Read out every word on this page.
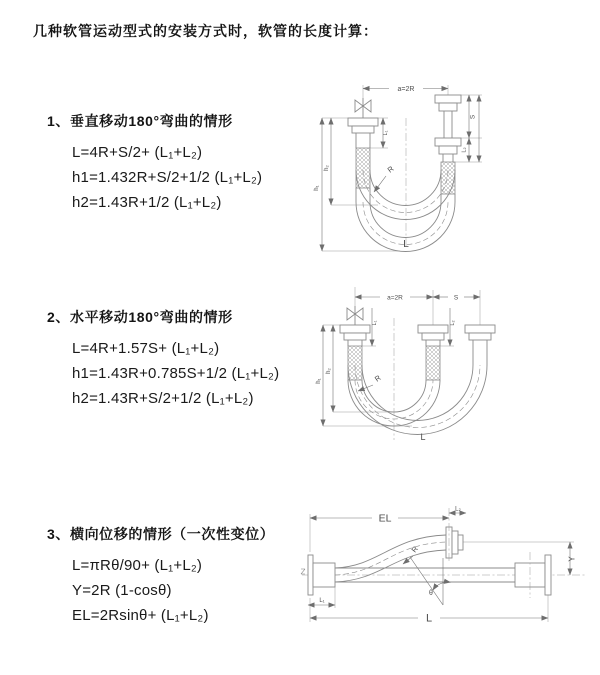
几种软管运动型式的安装方式时，软管的长度计算：
1、垂直移动180°弯曲的情形
L=4R+S/2+ (L₁+L₂)
h1=1.432R+S/2+1/2 (L₁+L₂)
h2=1.43R+1/2 (L₁+L₂)
2、水平移动180°弯曲的情形
L=4R+1.57S+ (L₁+L₂)
h1=1.43R+0.785S+1/2 (L₁+L₂)
h2=1.43R+S/2+1/2 (L₁+L₂)
3、横向位移的情形（一次性变位）
L=πRθ/90+ (L₁+L₂)
Y=2R (1-cosθ)
EL=2Rsinθ+ (L₁+L₂)
a=2R
R
L
h₁
h₂
L₁
S
L₂
a=2R	S
h₁
h₂
L₁	L₂
R
L
EL
L₂
Y
R
θ
L
L₁
